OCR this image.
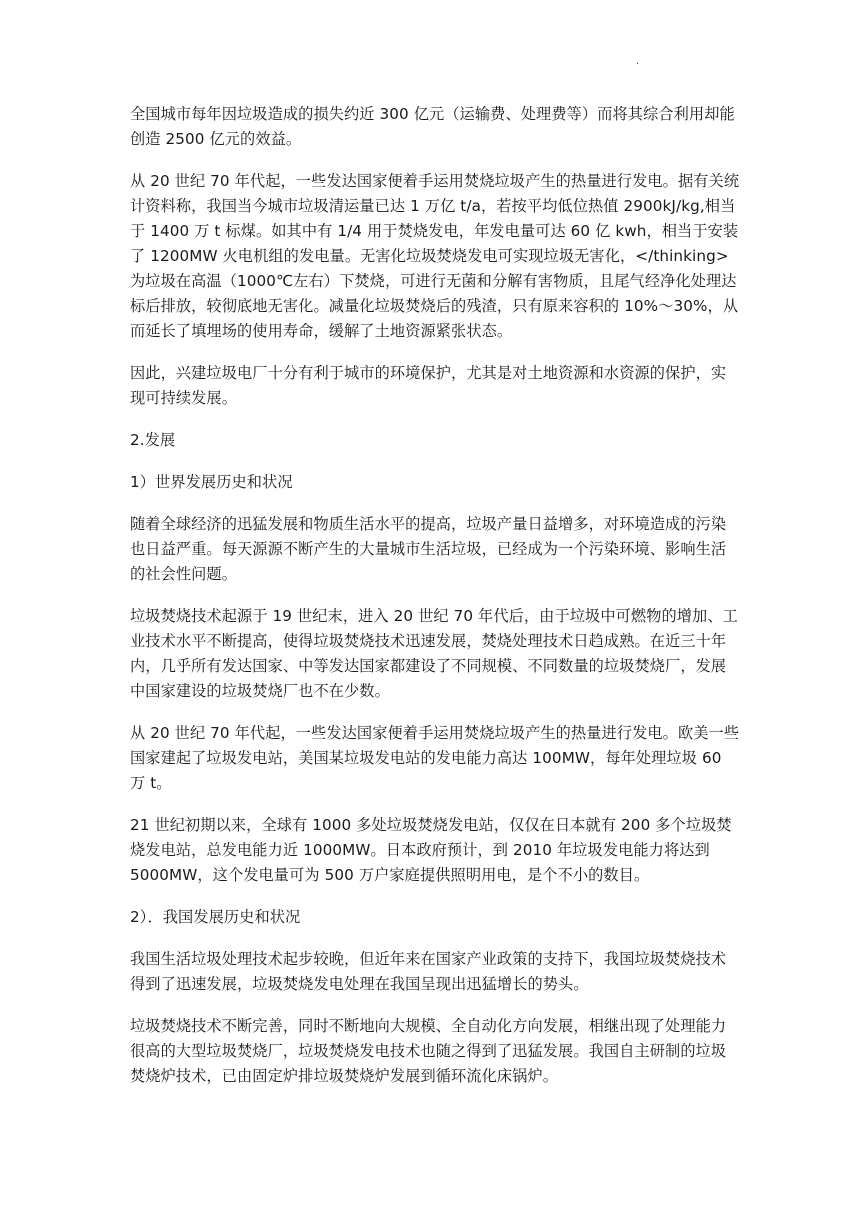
.

全国城市每年因垃圾造成的损失约近 300 亿元（运输费、处理费等）而将其综合利用却能创造 2500 亿元的效益。

从 20 世纪 70 年代起，一些发达国家便着手运用焚烧垃圾产生的热量进行发电。据有关统计资料称，我国当今城市垃圾清运量已达 1 万亿 t/a，若按平均低位热值 2900kJ/kg,相当于 1400 万 t 标煤。如其中有 1/4 用于焚烧发电，年发电量可达 60 亿 kwh，相当于安装了 1200MW 火电机组的发电量。无害化垃圾焚烧发电可实现垃圾无害化，</thinking>为垃圾在高温（1000℃左右）下焚烧，可进行无菌和分解有害物质，且尾气经净化处理达标后排放，较彻底地无害化。减量化垃圾焚烧后的残渣，只有原来容积的 10%～30%，从而延长了填埋场的使用寿命，缓解了土地资源紧张状态。

因此，兴建垃圾电厂十分有利于城市的环境保护，尤其是对土地资源和水资源的保护，实现可持续发展。

2.发展

1）世界发展历史和状况

随着全球经济的迅猛发展和物质生活水平的提高，垃圾产量日益增多，对环境造成的污染也日益严重。每天源源不断产生的大量城市生活垃圾，已经成为一个污染环境、影响生活的社会性问题。

垃圾焚烧技术起源于 19 世纪末，进入 20 世纪 70 年代后，由于垃圾中可燃物的增加、工业技术水平不断提高，使得垃圾焚烧技术迅速发展，焚烧处理技术日趋成熟。在近三十年内，几乎所有发达国家、中等发达国家都建设了不同规模、不同数量的垃圾焚烧厂，发展中国家建设的垃圾焚烧厂也不在少数。

从 20 世纪 70 年代起，一些发达国家便着手运用焚烧垃圾产生的热量进行发电。欧美一些国家建起了垃圾发电站，美国某垃圾发电站的发电能力高达 100MW，每年处理垃圾 60 万 t。

21 世纪初期以来，全球有 1000 多处垃圾焚烧发电站，仅仅在日本就有 200 多个垃圾焚烧发电站，总发电能力近 1000MW。日本政府预计，到 2010 年垃圾发电能力将达到 5000MW，这个发电量可为 500 万户家庭提供照明用电，是个不小的数目。

2）．我国发展历史和状况

我国生活垃圾处理技术起步较晚，但近年来在国家产业政策的支持下，我国垃圾焚烧技术得到了迅速发展，垃圾焚烧发电处理在我国呈现出迅猛增长的势头。

垃圾焚烧技术不断完善，同时不断地向大规模、全自动化方向发展，相继出现了处理能力很高的大型垃圾焚烧厂，垃圾焚烧发电技术也随之得到了迅猛发展。我国自主研制的垃圾焚烧炉技术，已由固定炉排垃圾焚烧炉发展到循环流化床锅炉。
